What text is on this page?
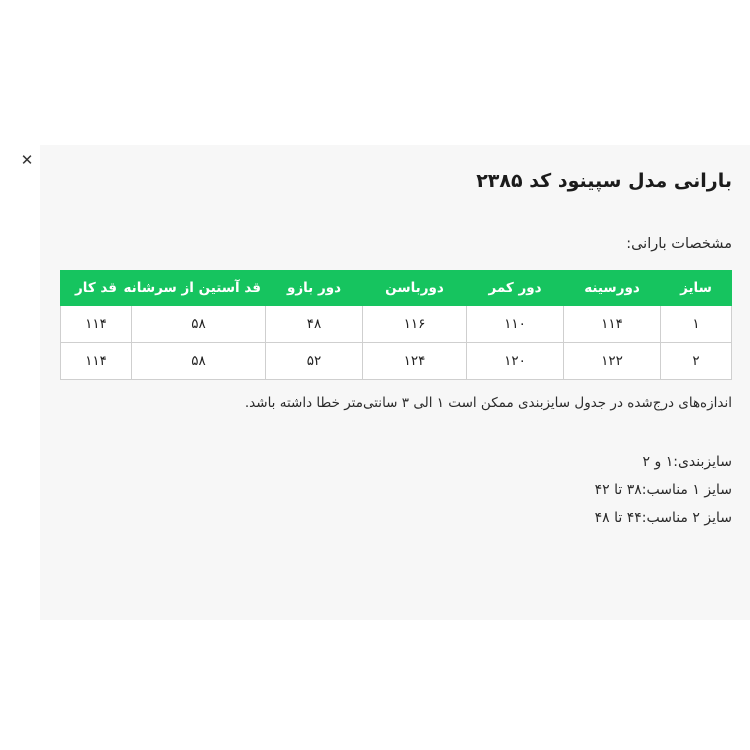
بارانی مدل سپینود کد ۲۳۸۵

مشخصات بارانی:

سایز	دورسینه	دور کمر	دورباسن	دور بازو	قد آستین از سرشانه	قد کار
۱	۱۱۴	۱۱۰	۱۱۶	۴۸	۵۸	۱۱۴
۲	۱۲۲	۱۲۰	۱۲۴	۵۲	۵۸	۱۱۴

اندازه‌های درج‌شده در جدول سایزبندی ممکن است ۱ الی ۳ سانتی‌متر خطا داشته باشد.

سایزبندی:۱ و ۲

سایز ۱ مناسب:۳۸ تا ۴۲

سایز ۲ مناسب:۴۴ تا ۴۸

✕
